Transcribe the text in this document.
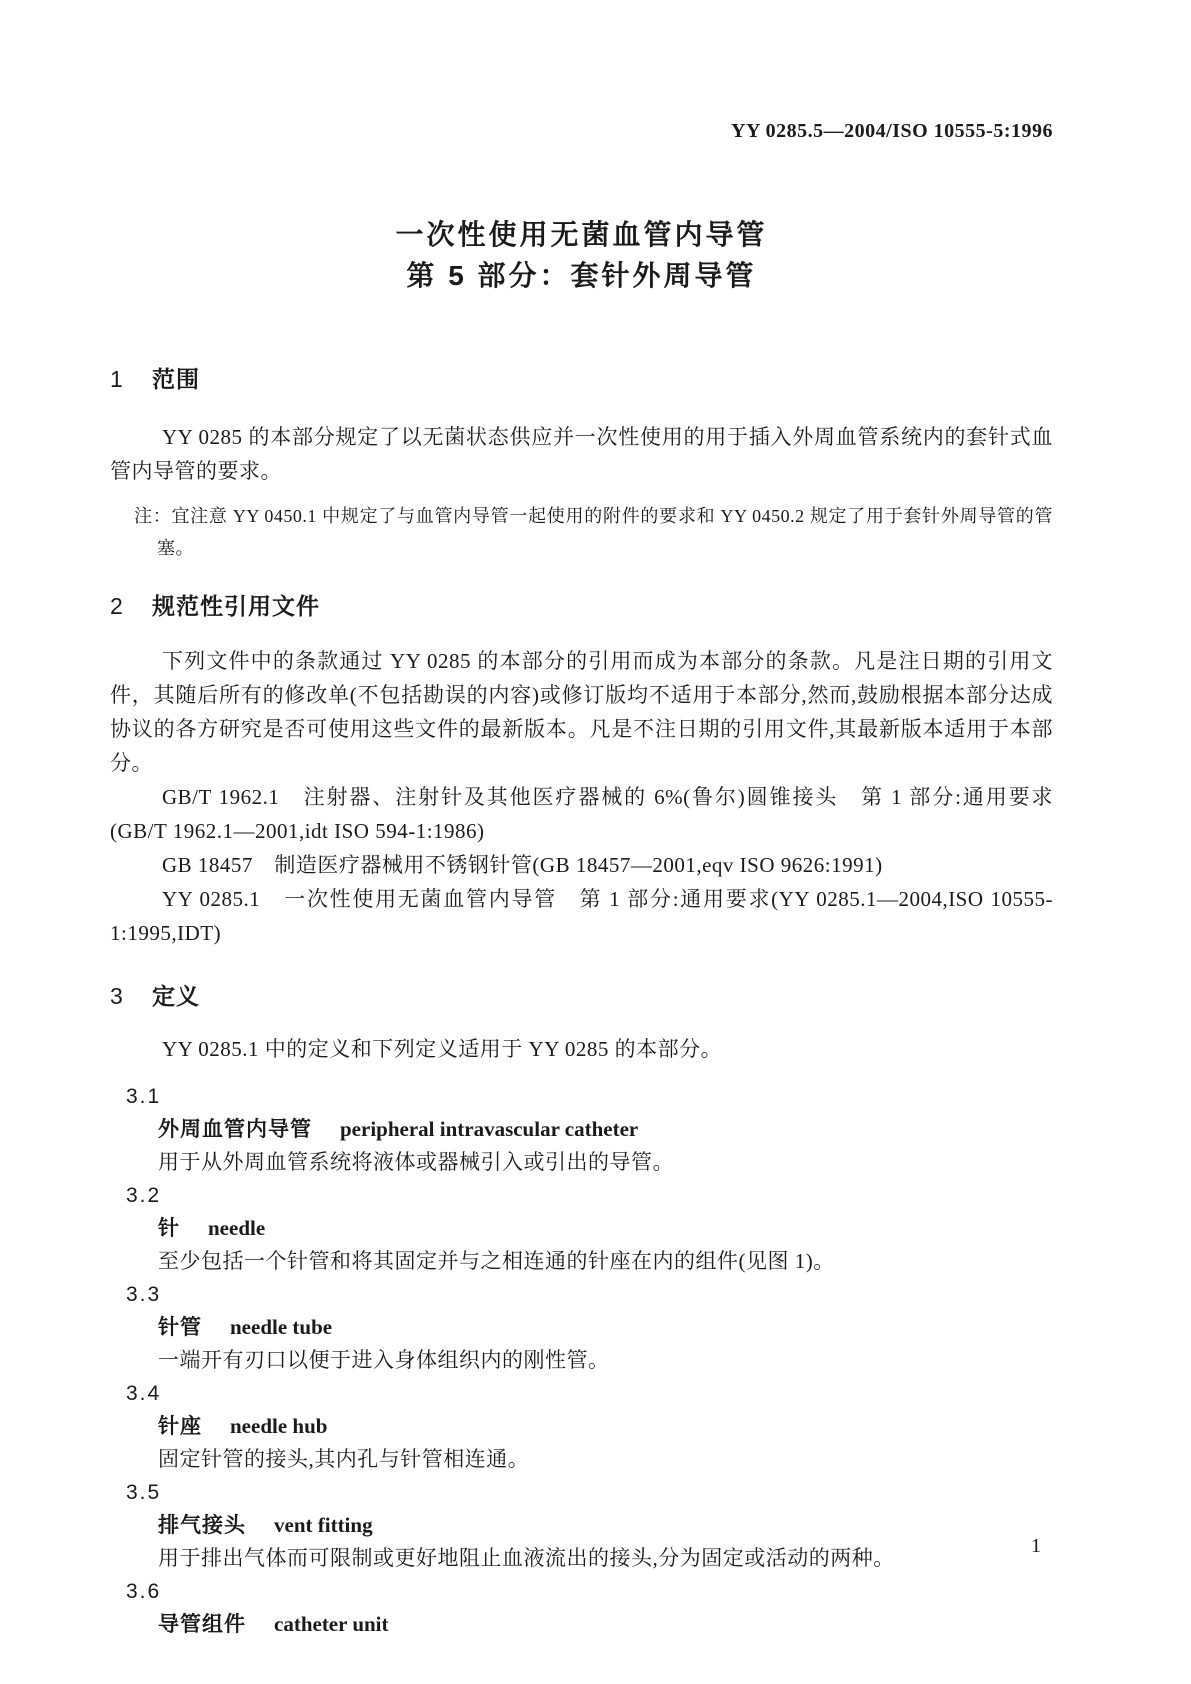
YY 0285.5—2004/ISO 10555-5:1996
一次性使用无菌血管内导管
第 5 部分：套针外周导管
1 范围

YY 0285 的本部分规定了以无菌状态供应并一次性使用的用于插入外周血管系统内的套针式血管内导管的要求。

注：宜注意 YY 0450.1 中规定了与血管内导管一起使用的附件的要求和 YY 0450.2 规定了用于套针外周导管的管塞。
2 规范性引用文件

下列文件中的条款通过 YY 0285 的本部分的引用而成为本部分的条款。凡是注日期的引用文件，其随后所有的修改单(不包括勘误的内容)或修订版均不适用于本部分,然而,鼓励根据本部分达成协议的各方研究是否可使用这些文件的最新版本。凡是不注日期的引用文件,其最新版本适用于本部分。

GB/T 1962.1　注射器、注射针及其他医疗器械的 6%(鲁尔)圆锥接头　第 1 部分:通用要求(GB/T 1962.1—2001,idt ISO 594-1:1986)

GB 18457　制造医疗器械用不锈钢针管(GB 18457—2001,eqv ISO 9626:1991)

YY 0285.1　一次性使用无菌血管内导管　第 1 部分:通用要求(YY 0285.1—2004,ISO 10555-1:1995,IDT)

3 定义

YY 0285.1 中的定义和下列定义适用于 YY 0285 的本部分。

3.1
外周血管内导管 peripheral intravascular catheter

用于从外周血管系统将液体或器械引入或引出的导管。

3.2
针 needle

至少包括一个针管和将其固定并与之相连通的针座在内的组件(见图 1)。

3.3
针管 needle tube

一端开有刃口以便于进入身体组织内的刚性管。

3.4
针座 needle hub

固定针管的接头,其内孔与针管相连通。

3.5
排气接头 vent fitting

用于排出气体而可限制或更好地阻止血液流出的接头,分为固定或活动的两种。

3.6
导管组件 catheter unit
1
